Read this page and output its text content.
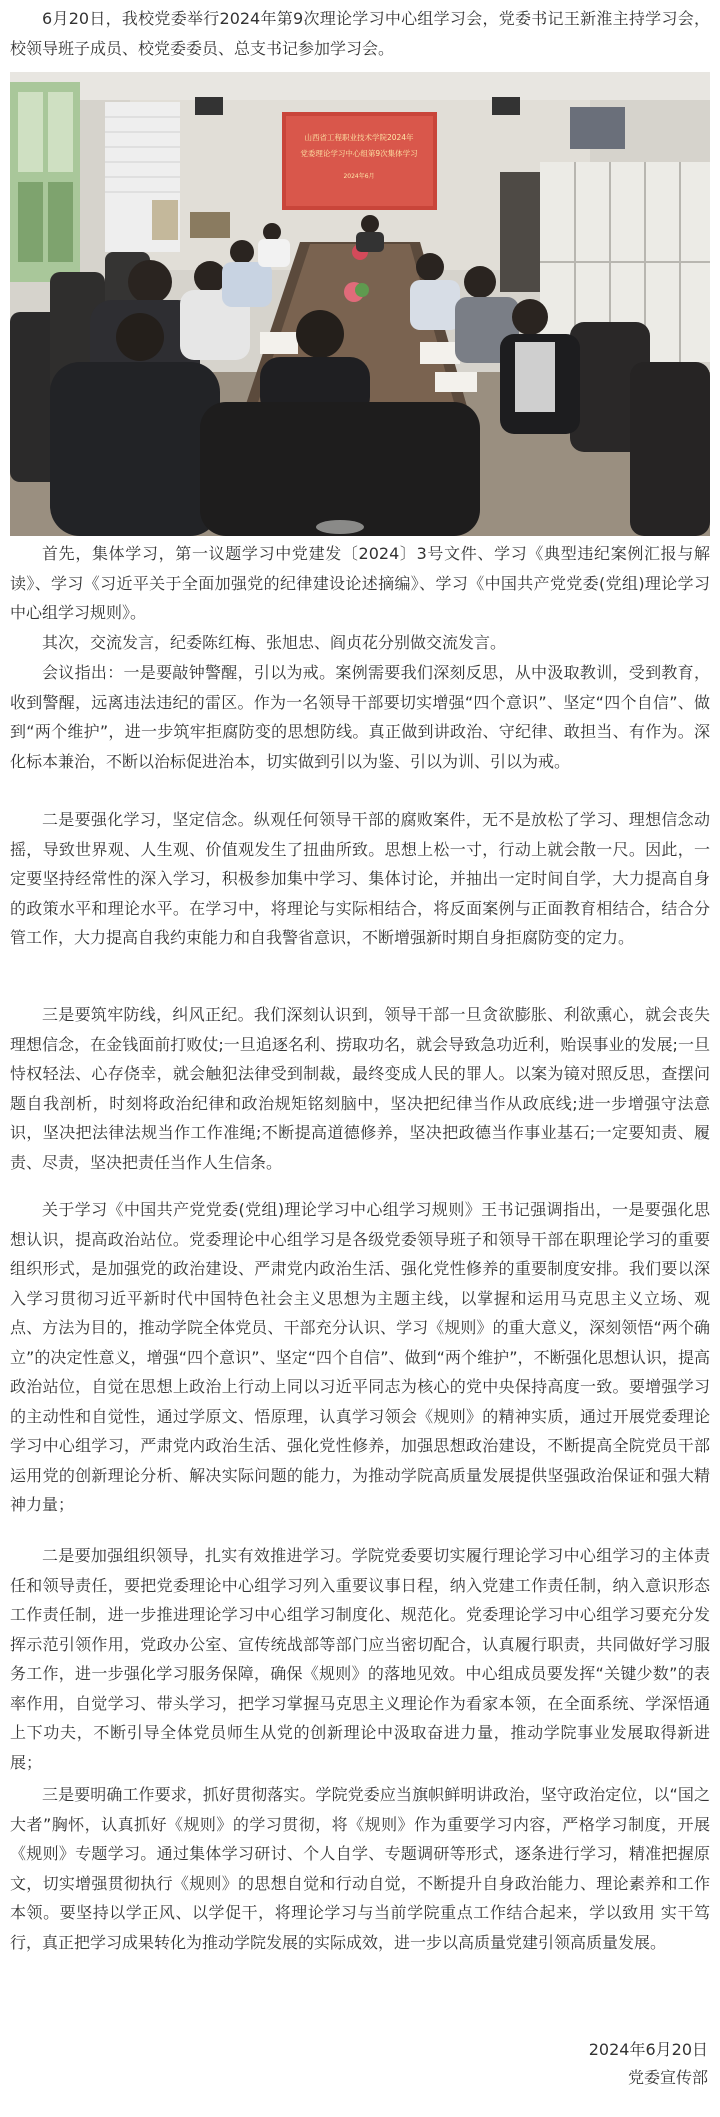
6月20日，我校党委举行2024年第9次理论学习中心组学习会，党委书记王新淮主持学习会，校领导班子成员、校党委委员、总支书记参加学习会。

山西省工程职业技术学院2024年
党委理论学习中心组第9次集体学习
2024年6月

首先，集体学习，第一议题学习中党建发〔2024〕3号文件、学习《典型违纪案例汇报与解读》、学习《习近平关于全面加强党的纪律建设论述摘编》、学习《中国共产党党委(党组)理论学习中心组学习规则》。

其次，交流发言，纪委陈红梅、张旭忠、阎贞花分别做交流发言。

会议指出：一是要敲钟警醒，引以为戒。案例需要我们深刻反思，从中汲取教训，受到教育，收到警醒，远离违法违纪的雷区。作为一名领导干部要切实增强“四个意识”、坚定“四个自信”、做到“两个维护”，进一步筑牢拒腐防变的思想防线。真正做到讲政治、守纪律、敢担当、有作为。深化标本兼治，不断以治标促进治本，切实做到引以为鉴、引以为训、引以为戒。

二是要强化学习，坚定信念。纵观任何领导干部的腐败案件，无不是放松了学习、理想信念动摇，导致世界观、人生观、价值观发生了扭曲所致。思想上松一寸，行动上就会散一尺。因此，一定要坚持经常性的深入学习，积极参加集中学习、集体讨论，并抽出一定时间自学，大力提高自身的政策水平和理论水平。在学习中，将理论与实际相结合，将反面案例与正面教育相结合，结合分管工作，大力提高自我约束能力和自我警省意识，不断增强新时期自身拒腐防变的定力。

三是要筑牢防线，纠风正纪。我们深刻认识到，领导干部一旦贪欲膨胀、利欲熏心，就会丧失理想信念，在金钱面前打败仗;一旦追逐名利、捞取功名，就会导致急功近利，贻误事业的发展;一旦恃权轻法、心存侥幸，就会触犯法律受到制裁，最终变成人民的罪人。以案为镜对照反思，查摆问题自我剖析，时刻将政治纪律和政治规矩铭刻脑中，坚决把纪律当作从政底线;进一步增强守法意识，坚决把法律法规当作工作准绳;不断提高道德修养，坚决把政德当作事业基石;一定要知责、履责、尽责，坚决把责任当作人生信条。

关于学习《中国共产党党委(党组)理论学习中心组学习规则》王书记强调指出，一是要强化思想认识，提高政治站位。党委理论中心组学习是各级党委领导班子和领导干部在职理论学习的重要组织形式，是加强党的政治建设、严肃党内政治生活、强化党性修养的重要制度安排。我们要以深入学习贯彻习近平新时代中国特色社会主义思想为主题主线，以掌握和运用马克思主义立场、观点、方法为目的，推动学院全体党员、干部充分认识、学习《规则》的重大意义，深刻领悟“两个确立”的决定性意义，增强“四个意识”、坚定“四个自信”、做到“两个维护”，不断强化思想认识，提高政治站位，自觉在思想上政治上行动上同以习近平同志为核心的党中央保持高度一致。要增强学习的主动性和自觉性，通过学原文、悟原理，认真学习领会《规则》的精神实质，通过开展党委理论学习中心组学习，严肃党内政治生活、强化党性修养，加强思想政治建设，不断提高全院党员干部运用党的创新理论分析、解决实际问题的能力，为推动学院高质量发展提供坚强政治保证和强大精神力量；

二是要加强组织领导，扎实有效推进学习。学院党委要切实履行理论学习中心组学习的主体责任和领导责任，要把党委理论中心组学习列入重要议事日程，纳入党建工作责任制，纳入意识形态工作责任制，进一步推进理论学习中心组学习制度化、规范化。党委理论学习中心组学习要充分发挥示范引领作用，党政办公室、宣传统战部等部门应当密切配合，认真履行职责，共同做好学习服务工作，进一步强化学习服务保障，确保《规则》的落地见效。中心组成员要发挥“关键少数”的表率作用，自觉学习、带头学习，把学习掌握马克思主义理论作为看家本领，在全面系统、学深悟通上下功夫，不断引导全体党员师生从党的创新理论中汲取奋进力量，推动学院事业发展取得新进展；

三是要明确工作要求，抓好贯彻落实。学院党委应当旗帜鲜明讲政治，坚守政治定位，以“国之大者”胸怀，认真抓好《规则》的学习贯彻，将《规则》作为重要学习内容，严格学习制度，开展《规则》专题学习。通过集体学习研讨、个人自学、专题调研等形式，逐条进行学习，精准把握原文，切实增强贯彻执行《规则》的思想自觉和行动自觉，不断提升自身政治能力、理论素养和工作本领。要坚持以学正风、以学促干，将理论学习与当前学院重点工作结合起来，学以致用 实干笃行，真正把学习成果转化为推动学院发展的实际成效，进一步以高质量党建引领高质量发展。

2024年6月20日

党委宣传部
